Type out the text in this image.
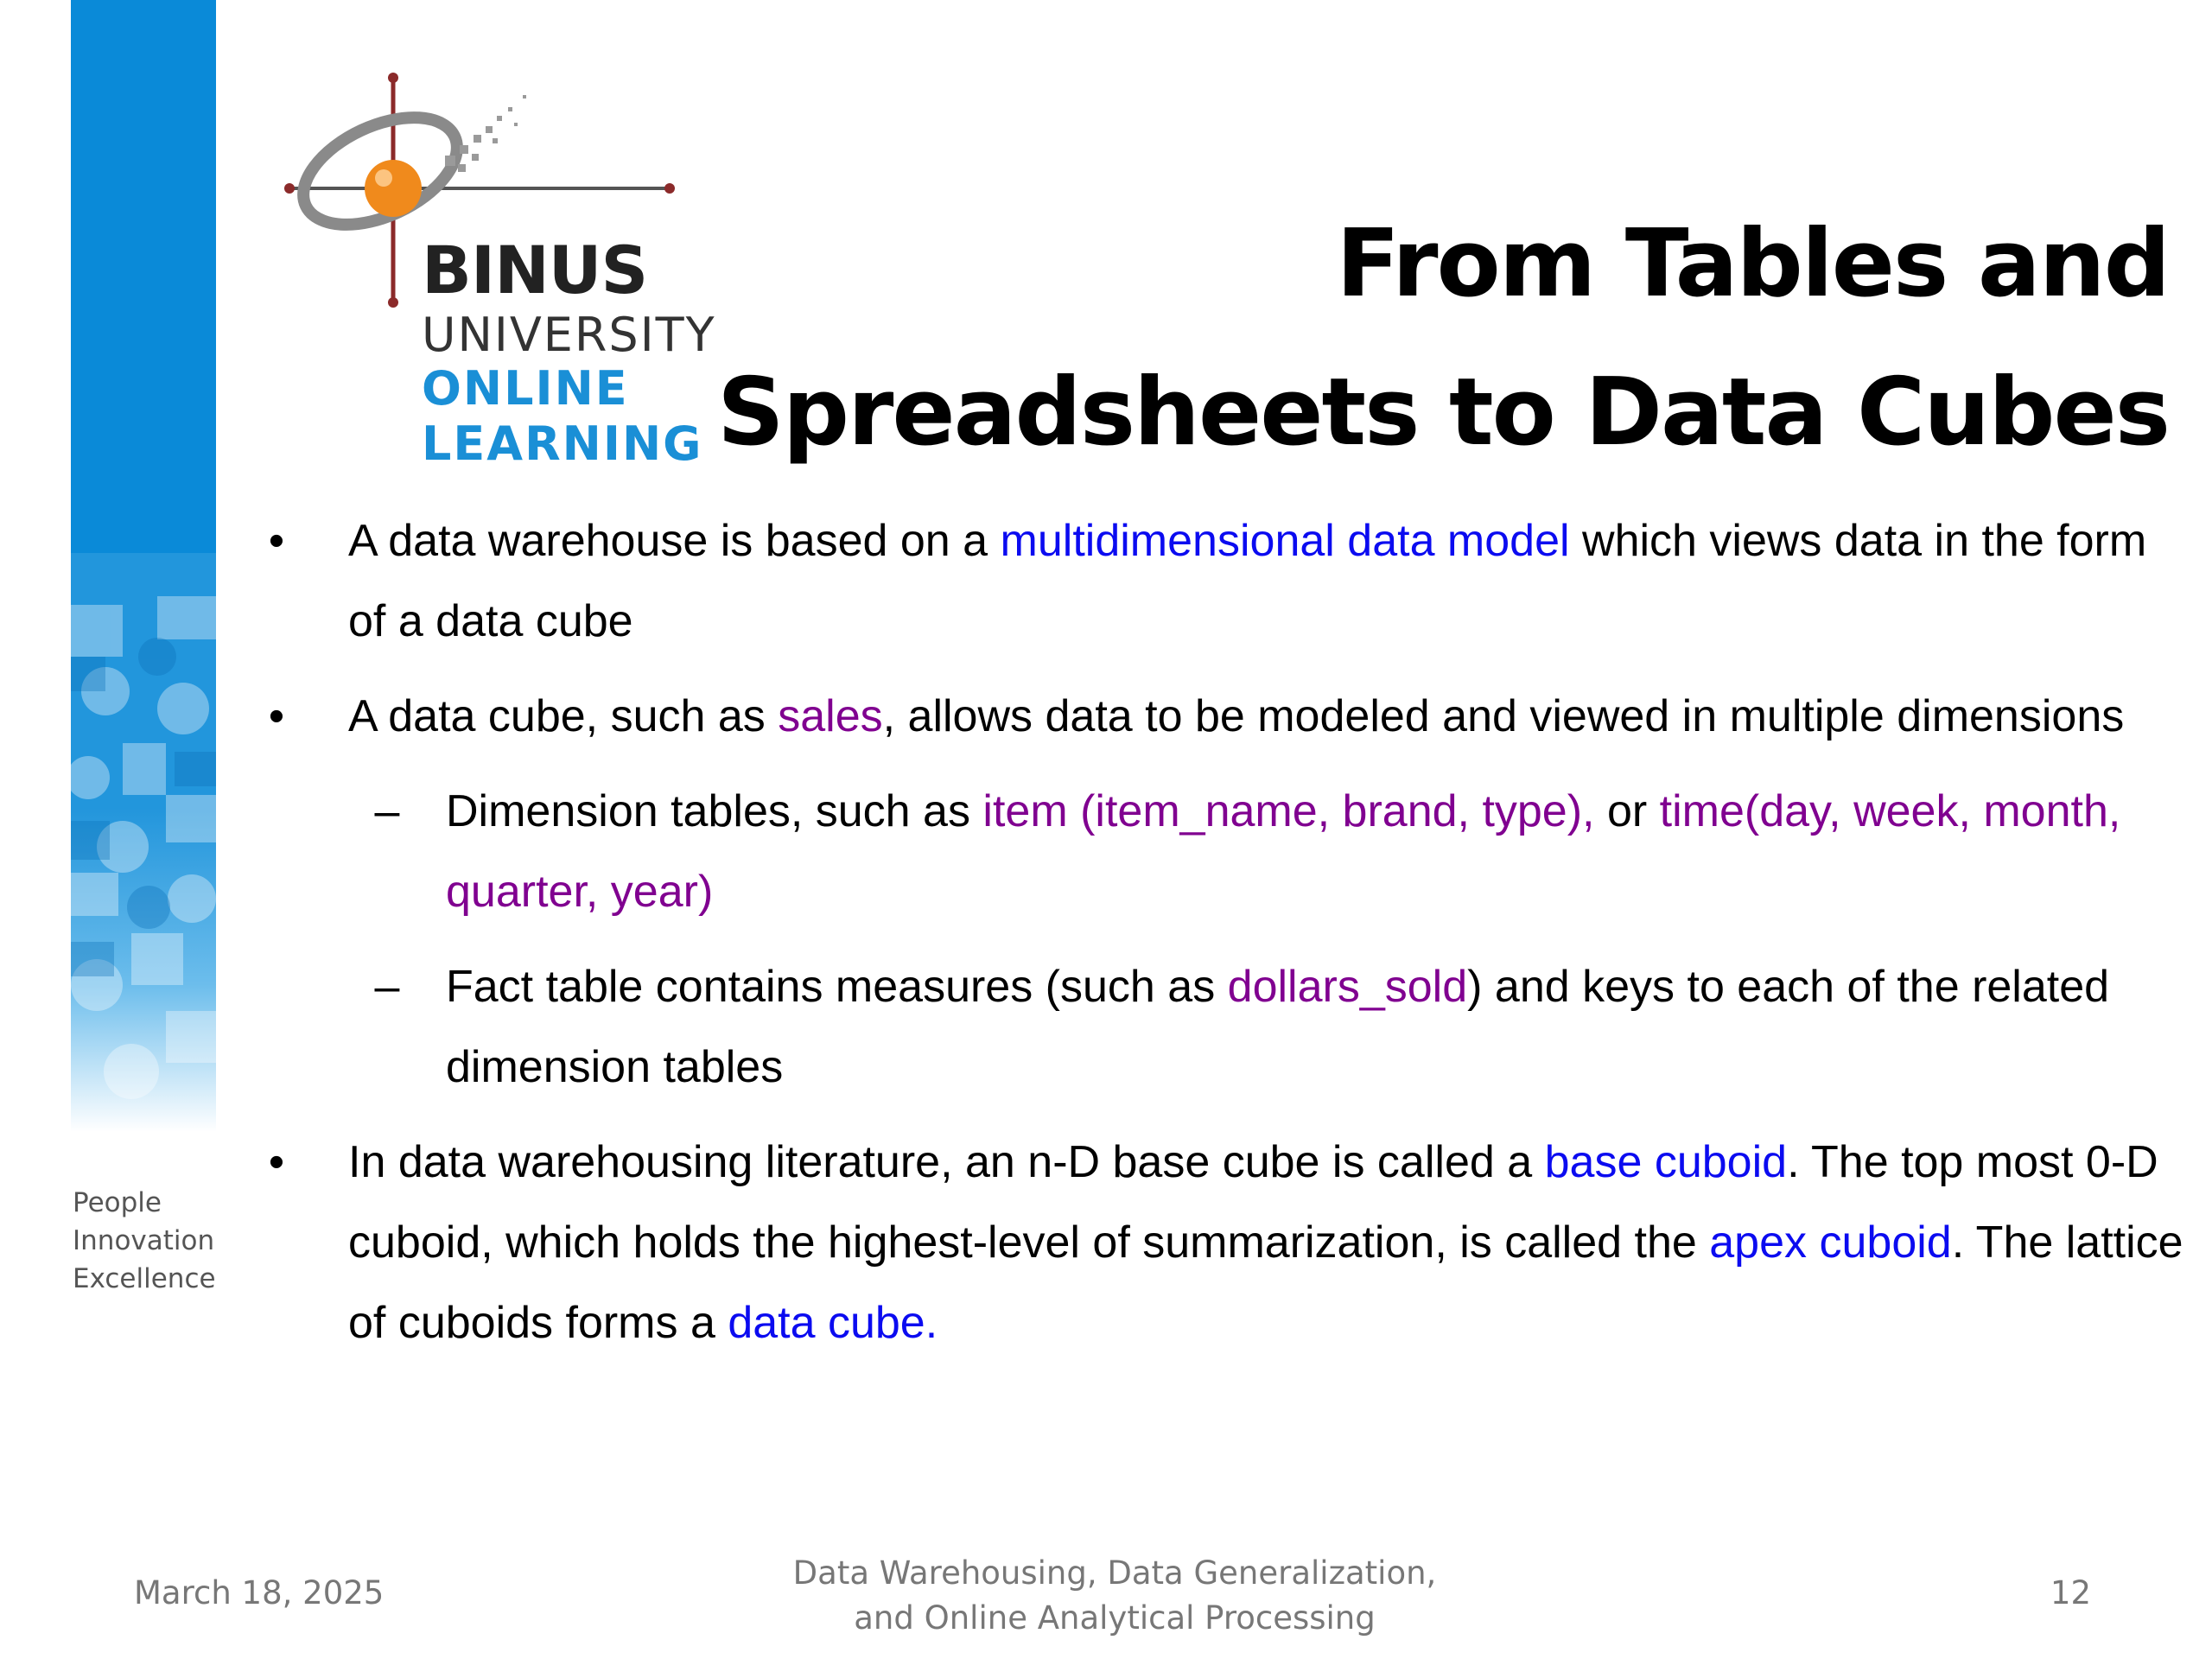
BINUS
UNIVERSITY
ONLINE
LEARNING
People
Innovation
Excellence
From Tables and
Spreadsheets to Data Cubes
• A data warehouse is based on a multidimensional data model which views data in the form of a data cube
• A data cube, such as sales, allows data to be modeled and viewed in multiple dimensions
– Dimension tables, such as item (item_name, brand, type), or time(day, week, month, quarter, year)
– Fact table contains measures (such as dollars_sold) and keys to each of the related dimension tables
• In data warehousing literature, an n-D base cube is called a base cuboid. The top most 0-D cuboid, which holds the highest-level of summarization, is called the apex cuboid. The lattice of cuboids forms a data cube.
March 18, 2025
Data Warehousing, Data Generalization,
and Online Analytical Processing
12
